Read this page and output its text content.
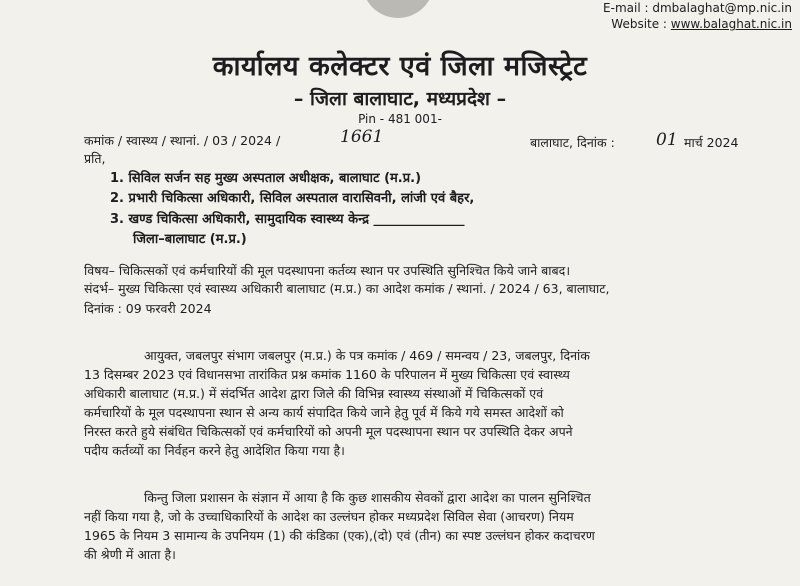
E-mail : dmbalaghat@mp.nic.in
Website : www.balaghat.nic.in
कार्यालय कलेक्टर एवं जिला मजिस्ट्रेट
– जिला बालाघाट, मध्यप्रदेश –
Pin - 481 001-
कमांक / स्वास्थ्य / स्थानां. / 03 / 2024 /	1661	बालाघाट, दिनांक : 01 मार्च 2024
प्रति,
1. सिविल सर्जन सह मुख्य अस्पताल अधीक्षक, बालाघाट (म.प्र.)
2. प्रभारी चिकित्सा अधिकारी, सिविल अस्पताल वारासिवनी, लांजी एवं बैहर,
3. खण्ड चिकित्सा अधिकारी, सामुदायिक स्वास्थ्य केन्द्र ______________
जिला–बालाघाट (म.प्र.)
विषय– चिकित्सकों एवं कर्मचारियों की मूल पदस्थापना कर्तव्य स्थान पर उपस्थिति सुनिश्चित किये जाने बाबद।
संदर्भ– मुख्य चिकित्सा एवं स्वास्थ्य अधिकारी बालाघाट (म.प्र.) का आदेश कमांक / स्थानां. / 2024 / 63, बालाघाट,
दिनांक : 09 फरवरी 2024
आयुक्त, जबलपुर संभाग जबलपुर (म.प्र.) के पत्र कमांक / 469 / समन्वय / 23, जबलपुर, दिनांक
13 दिसम्बर 2023 एवं विधानसभा तारांकित प्रश्न कमांक 1160 के परिपालन में मुख्य चिकित्सा एवं स्वास्थ्य
अधिकारी बालाघाट (म.प्र.) में संदर्भित आदेश द्वारा जिले की विभिन्न स्वास्थ्य संस्थाओं में चिकित्सकों एवं
कर्मचारियों के मूल पदस्थापना स्थान से अन्य कार्य संपादित किये जाने हेतु पूर्व में किये गये समस्त आदेशों को
निरस्त करते हुये संबंधित चिकित्सकों एवं कर्मचारियों को अपनी मूल पदस्थापना स्थान पर उपस्थिति देकर अपने
पदीय कर्तव्यों का निर्वहन करने हेतु आदेशित किया गया है।
किन्तु जिला प्रशासन के संज्ञान में आया है कि कुछ शासकीय सेवकों द्वारा आदेश का पालन सुनिश्चित
नहीं किया गया है, जो के उच्चाधिकारियों के आदेश का उल्लंघन होकर मध्यप्रदेश सिविल सेवा (आचरण) नियम
1965 के नियम 3 सामान्य के उपनियम (1) की कंडिका (एक),(दो) एवं (तीन) का स्पष्ट उल्लंघन होकर कदाचरण
की श्रेणी में आता है।
